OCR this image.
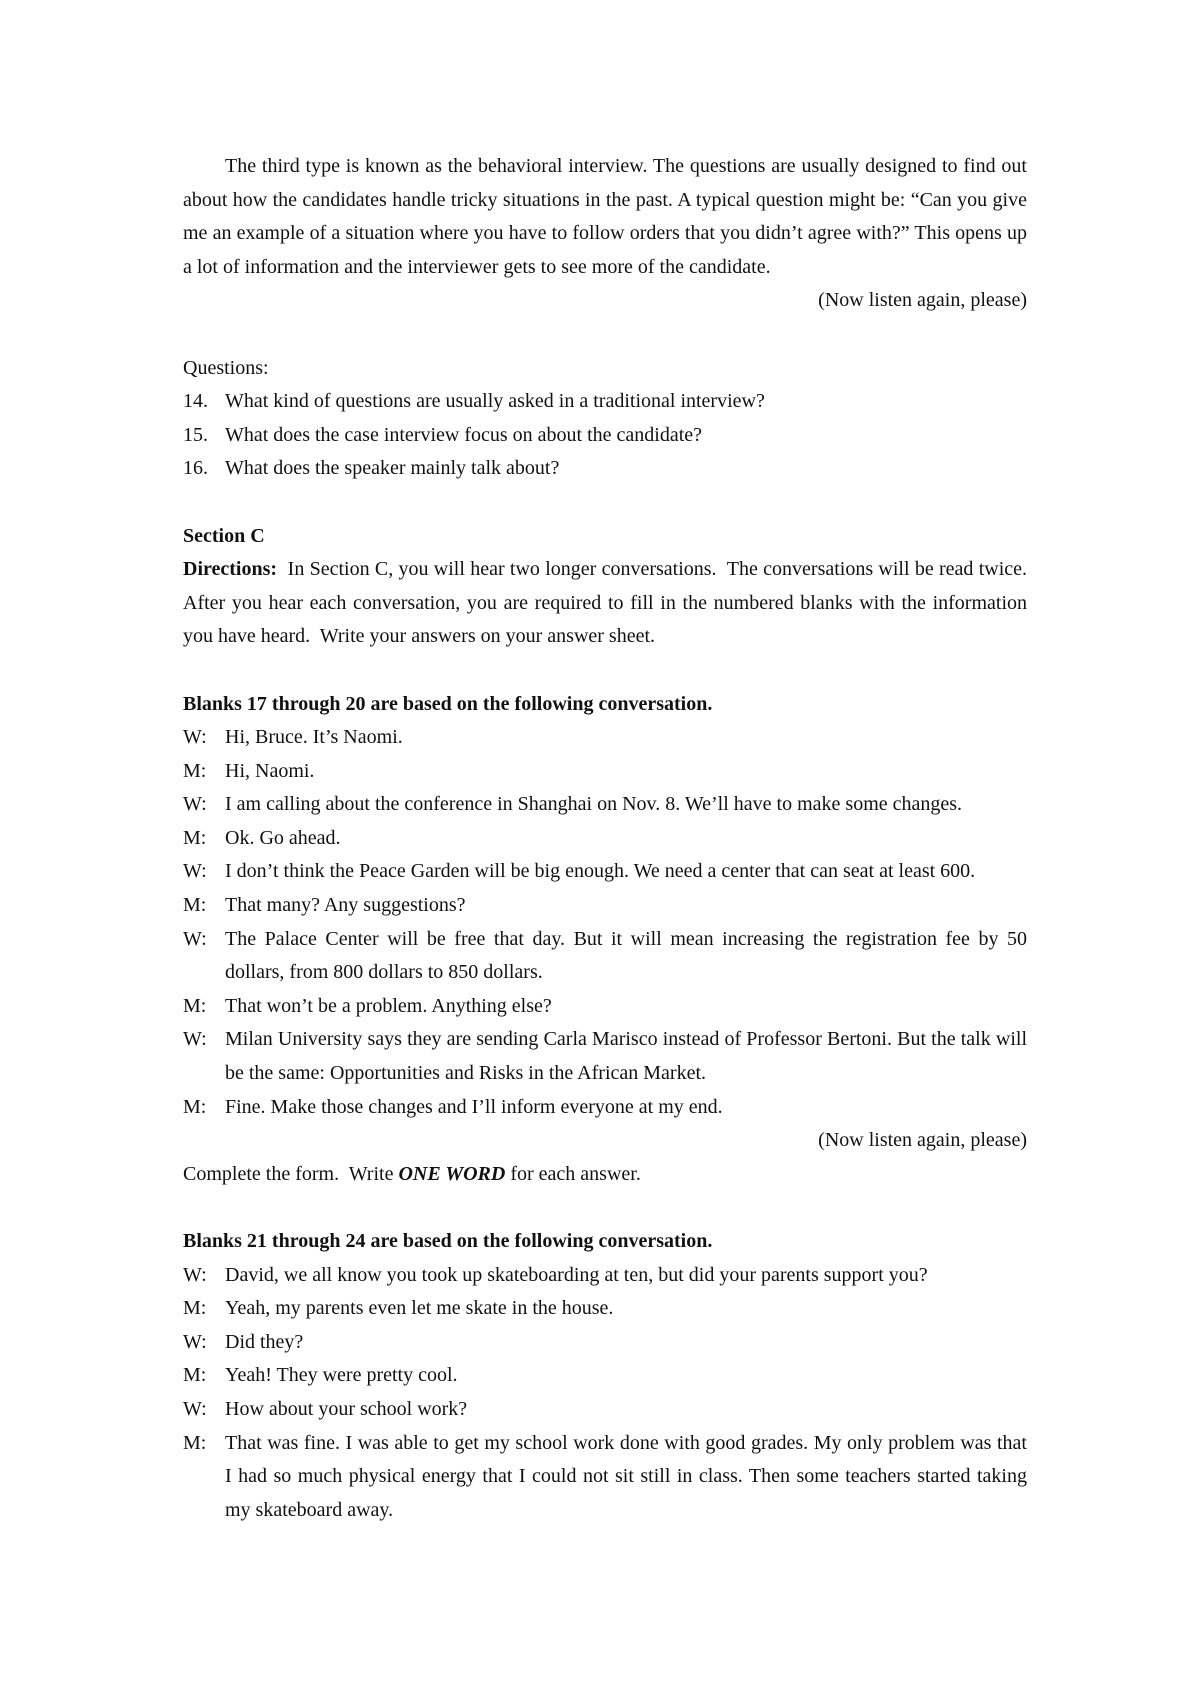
The third type is known as the behavioral interview. The questions are usually designed to find out about how the candidates handle tricky situations in the past. A typical question might be: “Can you give me an example of a situation where you have to follow orders that you didn’t agree with?” This opens up a lot of information and the interviewer gets to see more of the candidate.

(Now listen again, please)

Questions:

14. What kind of questions are usually asked in a traditional interview?
15. What does the case interview focus on about the candidate?
16. What does the speaker mainly talk about?

Section C

Directions: In Section C, you will hear two longer conversations.  The conversations will be read twice.  After you hear each conversation, you are required to fill in the numbered blanks with the information you have heard.  Write your answers on your answer sheet.

Blanks 17 through 20 are based on the following conversation.

W: Hi, Bruce. It’s Naomi.
M: Hi, Naomi.
W: I am calling about the conference in Shanghai on Nov. 8. We’ll have to make some changes.
M: Ok. Go ahead.
W: I don’t think the Peace Garden will be big enough. We need a center that can seat at least 600.
M: That many? Any suggestions?
W: The Palace Center will be free that day. But it will mean increasing the registration fee by 50 dollars, from 800 dollars to 850 dollars.
M: That won’t be a problem. Anything else?
W: Milan University says they are sending Carla Marisco instead of Professor Bertoni. But the talk will be the same: Opportunities and Risks in the African Market.
M: Fine. Make those changes and I’ll inform everyone at my end.

(Now listen again, please)

Complete the form.  Write ONE WORD for each answer.

Blanks 21 through 24 are based on the following conversation.

W: David, we all know you took up skateboarding at ten, but did your parents support you?
M: Yeah, my parents even let me skate in the house.
W: Did they?
M: Yeah! They were pretty cool.
W: How about your school work?
M: That was fine. I was able to get my school work done with good grades. My only problem was that I had so much physical energy that I could not sit still in class. Then some teachers started taking my skateboard away.
